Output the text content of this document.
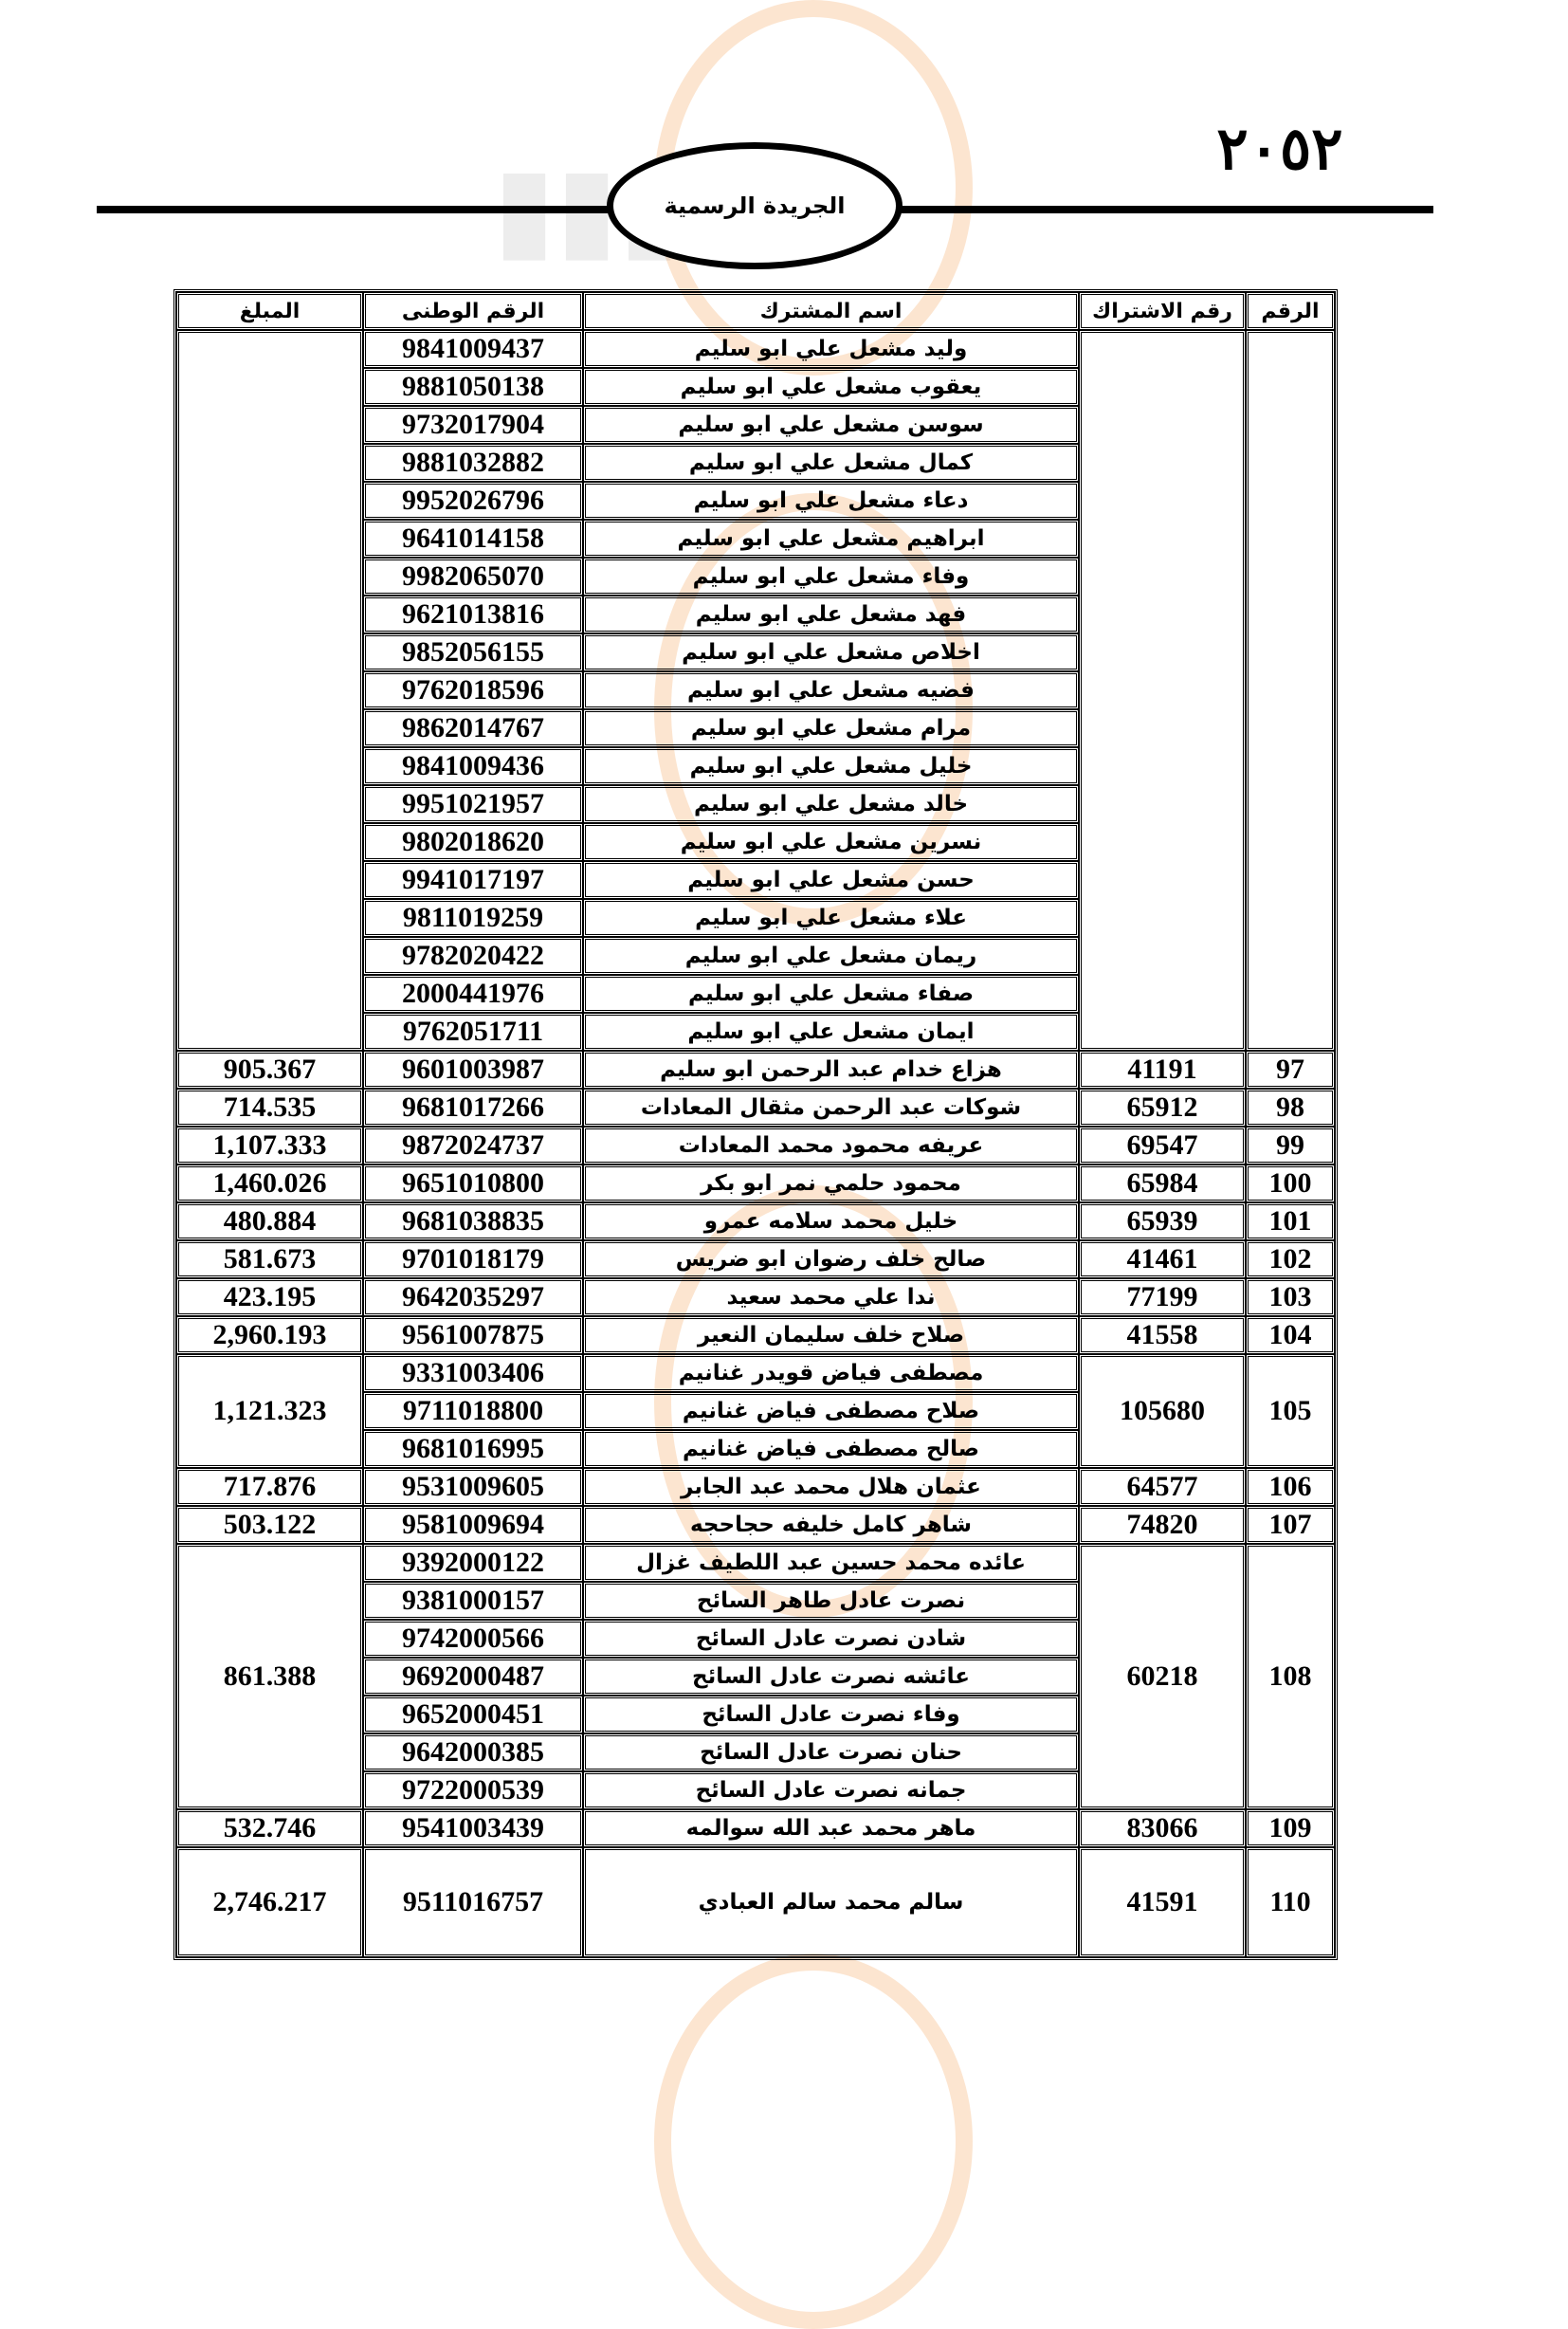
▮▮▮	٢٠٥٢
الجريدة الرسمية
الرقم	رقم الاشتراك	اسم المشترك	الرقم الوطنى	المبلغ
		وليد مشعل علي ابو سليم	9841009437	
		يعقوب مشعل علي ابو سليم	9881050138	
		سوسن مشعل علي ابو سليم	9732017904	
		كمال مشعل علي ابو سليم	9881032882	
		دعاء مشعل علي ابو سليم	9952026796	
		ابراهيم مشعل علي ابو سليم	9641014158	
		وفاء مشعل علي ابو سليم	9982065070	
		فهد مشعل علي ابو سليم	9621013816	
		اخلاص مشعل علي ابو سليم	9852056155	
		فضيه مشعل علي ابو سليم	9762018596	
		مرام مشعل علي ابو سليم	9862014767	
		خليل مشعل علي ابو سليم	9841009436	
		خالد مشعل علي ابو سليم	9951021957	
		نسرين مشعل علي ابو سليم	9802018620	
		حسن مشعل علي ابو سليم	9941017197	
		علاء مشعل علي ابو سليم	9811019259	
		ريمان مشعل علي ابو سليم	9782020422	
		صفاء مشعل علي ابو سليم	2000441976	
		ايمان مشعل علي ابو سليم	9762051711	
97	41191	هزاع خدام عبد الرحمن ابو سليم	9601003987	905.367
98	65912	شوكات عبد الرحمن مثقال المعادات	9681017266	714.535
99	69547	عريفه محمود محمد المعادات	9872024737	1,107.333
100	65984	محمود حلمي نمر ابو بكر	9651010800	1,460.026
101	65939	خليل محمد سلامه عمرو	9681038835	480.884
102	41461	صالح خلف رضوان ابو ضريس	9701018179	581.673
103	77199	ندا علي محمد سعيد	9642035297	423.195
104	41558	صلاح خلف سليمان النعير	9561007875	2,960.193
105	105680	مصطفى فياض قويدر غنانيم	9331003406	1,121.323
		صلاح مصطفى فياض غنانيم	9711018800	
		صالح مصطفى فياض غنانيم	9681016995	
106	64577	عثمان هلال محمد عبد الجابر	9531009605	717.876
107	74820	شاهر كامل خليفه حجاحجه	9581009694	503.122
108	60218	عائده محمد حسين عبد اللطيف غزال	9392000122	861.388
		نصرت عادل طاهر السائح	9381000157	
		شادن نصرت عادل السائح	9742000566	
		عائشه نصرت عادل السائح	9692000487	
		وفاء نصرت عادل السائح	9652000451	
		حنان نصرت عادل السائح	9642000385	
		جمانه نصرت عادل السائح	9722000539	
109	83066	ماهر محمد عبد الله سوالمه	9541003439	532.746
110	41591	سالم محمد سالم العبادي	9511016757	2,746.217
